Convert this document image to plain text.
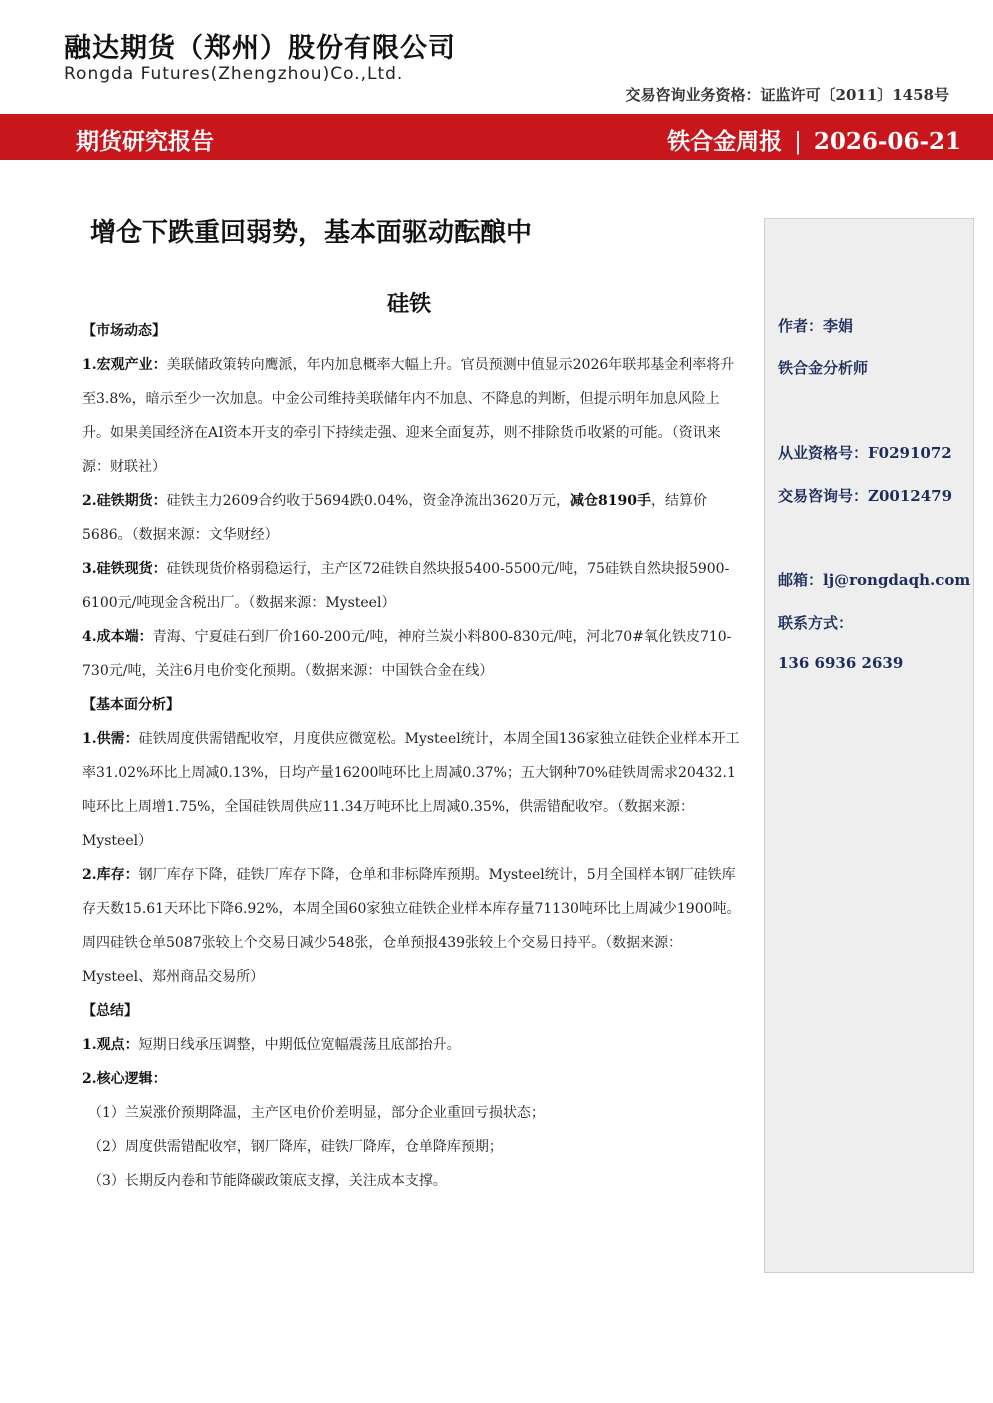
融达期货（郑州）股份有限公司
Rongda Futures(Zhengzhou)Co.,Ltd.
交易咨询业务资格：证监许可〔2011〕1458号
期货研究报告	铁合金周报 | 2026-06-21
作者：李娟
铁合金分析师
从业资格号：F0291072
交易咨询号：Z0012479
邮箱：lj@rongdaqh.com
联系方式：
136 6936 2639
增仓下跌重回弱势，基本面驱动酝酿中
硅铁

【市场动态】

1.宏观产业：美联储政策转向鹰派，年内加息概率大幅上升。官员预测中值显示2026年联邦基金利率将升至3.8%，暗示至少一次加息。中金公司维持美联储年内不加息、不降息的判断，但提示明年加息风险上升。如果美国经济在AI资本开支的牵引下持续走强、迎来全面复苏，则不排除货币收紧的可能。（资讯来源：财联社）

2.硅铁期货：硅铁主力2609合约收于5694跌0.04%，资金净流出3620万元，减仓8190手，结算价5686。（数据来源：文华财经）

3.硅铁现货：硅铁现货价格弱稳运行，主产区72硅铁自然块报5400-5500元/吨，75硅铁自然块报5900-6100元/吨现金含税出厂。（数据来源：Mysteel）

4.成本端：青海、宁夏硅石到厂价160-200元/吨，神府兰炭小料800-830元/吨，河北70#氧化铁皮710-730元/吨，关注6月电价变化预期。（数据来源：中国铁合金在线）

【基本面分析】

1.供需：硅铁周度供需错配收窄，月度供应微宽松。Mysteel统计，本周全国136家独立硅铁企业样本开工率31.02%环比上周减0.13%，日均产量16200吨环比上周减0.37%；五大钢种70%硅铁周需求20432.1吨环比上周增1.75%，全国硅铁周供应11.34万吨环比上周减0.35%，供需错配收窄。（数据来源：Mysteel）

2.库存：钢厂库存下降，硅铁厂库存下降，仓单和非标降库预期。Mysteel统计，5月全国样本钢厂硅铁库存天数15.61天环比下降6.92%，本周全国60家独立硅铁企业样本库存量71130吨环比上周减少1900吨。周四硅铁仓单5087张较上个交易日减少548张，仓单预报439张较上个交易日持平。（数据来源：Mysteel、郑州商品交易所）

【总结】

1.观点：短期日线承压调整，中期低位宽幅震荡且底部抬升。

2.核心逻辑：

（1）兰炭涨价预期降温，主产区电价价差明显，部分企业重回亏损状态；

（2）周度供需错配收窄，钢厂降库，硅铁厂降库，仓单降库预期；

（3）长期反内卷和节能降碳政策底支撑，关注成本支撑。
